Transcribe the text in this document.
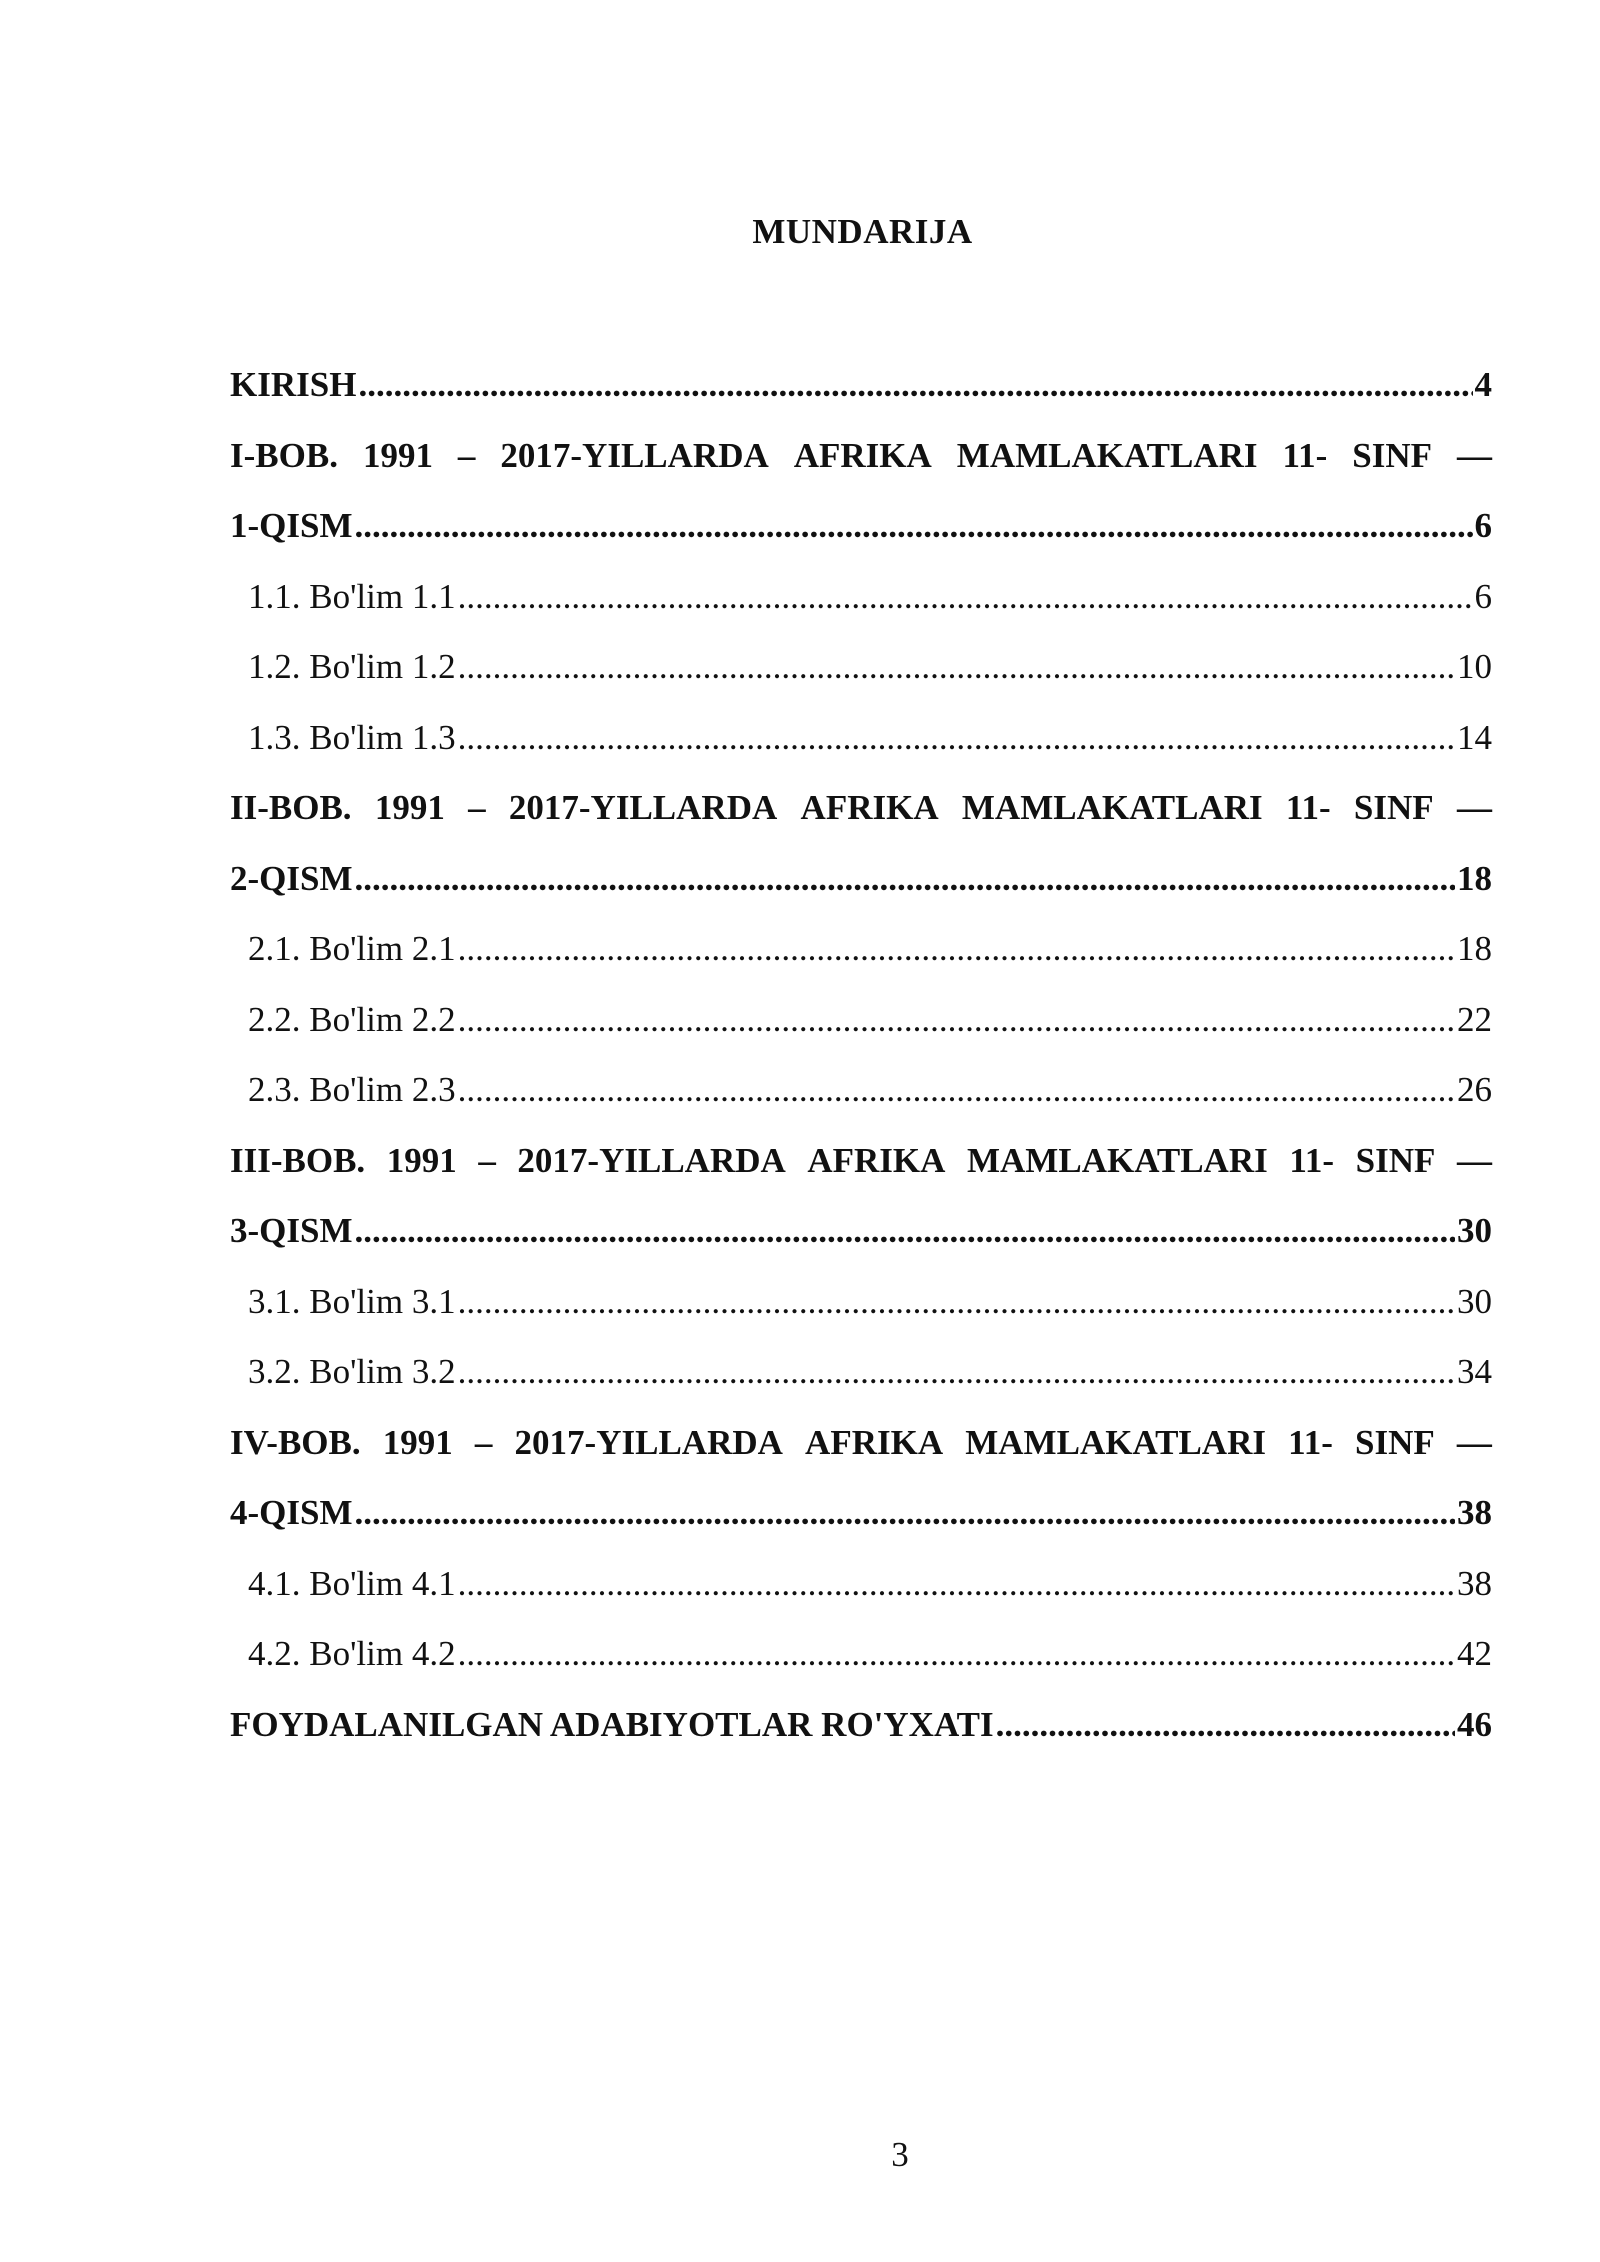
MUNDARIJA
KIRISH .....	4
I-BOB. 1991 – 2017-YILLARDA AFRIKA MAMLAKATLARI 11- SINF —
1-QISM .....	6
1.1. Bo'lim 1.1 .....	6
1.2. Bo'lim 1.2 .....	10
1.3. Bo'lim 1.3 .....	14
II-BOB. 1991 – 2017-YILLARDA AFRIKA MAMLAKATLARI 11- SINF —
2-QISM .....	18
2.1. Bo'lim 2.1 .....	18
2.2. Bo'lim 2.2 .....	22
2.3. Bo'lim 2.3 .....	26
III-BOB. 1991 – 2017-YILLARDA AFRIKA MAMLAKATLARI 11- SINF —
3-QISM .....	30
3.1. Bo'lim 3.1 .....	30
3.2. Bo'lim 3.2 .....	34
IV-BOB. 1991 – 2017-YILLARDA AFRIKA MAMLAKATLARI 11- SINF —
4-QISM .....	38
4.1. Bo'lim 4.1 .....	38
4.2. Bo'lim 4.2 .....	42
FOYDALANILGAN ADABIYOTLAR RO'YXATI .....	46
3
